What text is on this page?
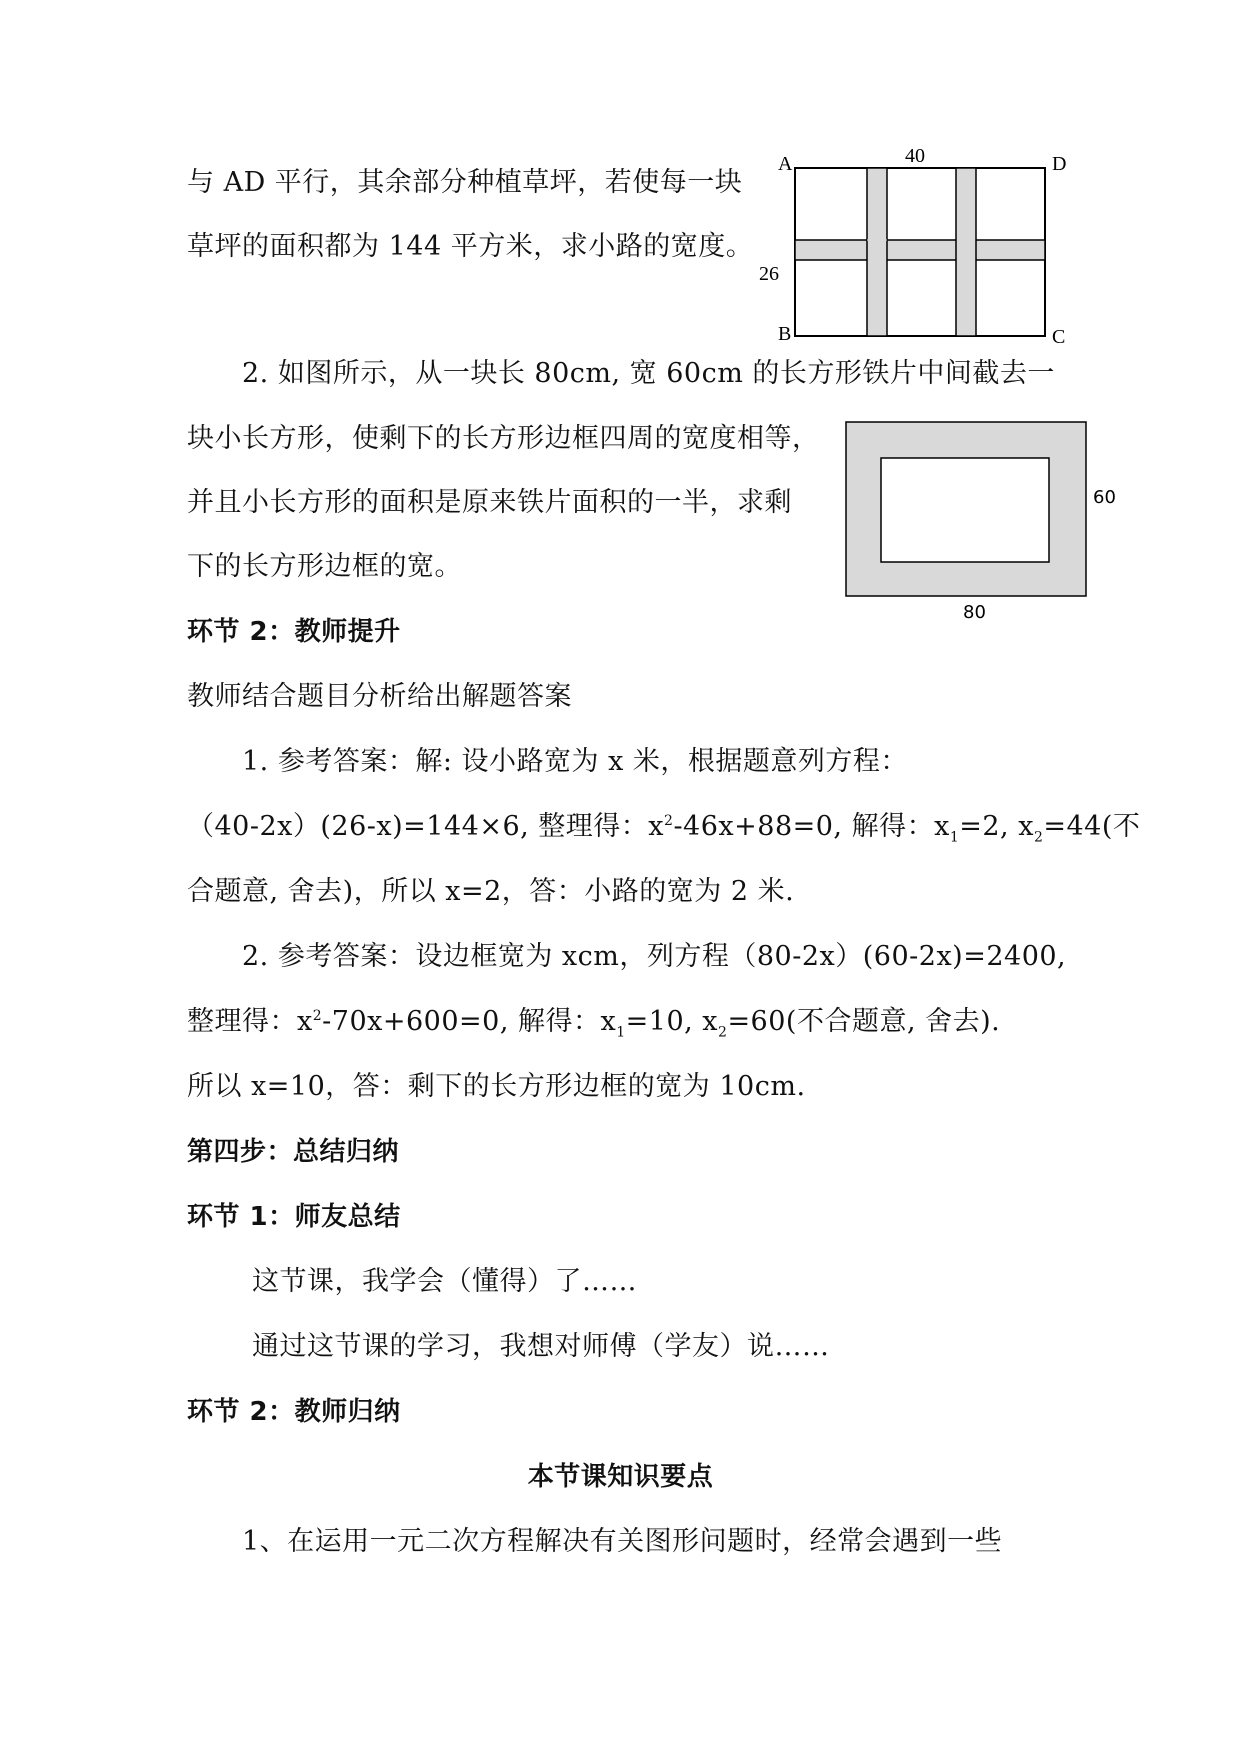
与 AD 平行，其余部分种植草坪，若使每一块
草坪的面积都为 144 平方米，求小路的宽度。
40
26
A	D
B	C
2. 如图所示，从一块长 80cm, 宽 60cm 的长方形铁片中间截去一
块小长方形，使剩下的长方形边框四周的宽度相等，
并且小长方形的面积是原来铁片面积的一半，求剩
下的长方形边框的宽。
60
80
环节 2：教师提升
教师结合题目分析给出解题答案
1. 参考答案：解: 设小路宽为 x 米，根据题意列方程：
（40-2x）(26-x)=144×6, 整理得：$x^2-46x+88=0$, 解得：$x_1=2$, $x_2=44$(不
合题意, 舍去)，所以 x=2，答：小路的宽为 2 米.
2. 参考答案：设边框宽为 xcm，列方程（80-2x）(60-2x)=2400,
整理得：$x^2-70x+600=0$, 解得：$x_1=10$, $x_2=60$(不合题意, 舍去).
所以 x=10，答：剩下的长方形边框的宽为 10cm.
第四步：总结归纳
环节 1：师友总结
这节课，我学会（懂得）了……
通过这节课的学习，我想对师傅（学友）说……
环节 2：教师归纳
本节课知识要点
1、在运用一元二次方程解决有关图形问题时，经常会遇到一些
